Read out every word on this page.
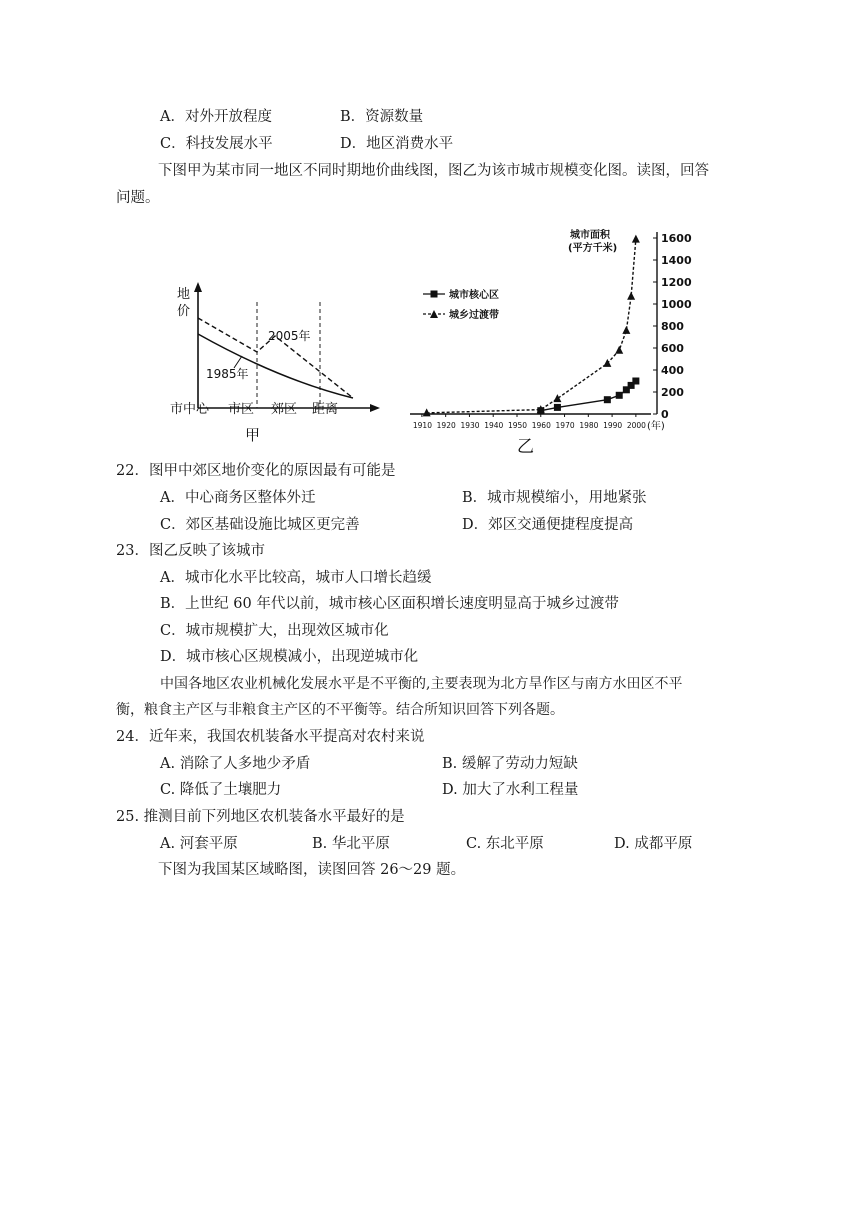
A．对外开放程度	B．资源数量
C．科技发展水平	D．地区消费水平
下图甲为某市同一地区不同时期地价曲线图，图乙为该市城市规模变化图。读图，回答
问题。
地
价
2005年
1985年
市中心 市区 郊区 距离
甲
城市面积
(平方千米)
城市核心区
城乡过渡带
(年)
乙
0
200
400
600
800
1000
1200
1400
1600
1910 1920 1930 1940 1950 1960 1970 1980 1990 2000
22．图甲中郊区地价变化的原因最有可能是
A．中心商务区整体外迁	B．城市规模缩小，用地紧张
C．郊区基础设施比城区更完善	D．郊区交通便捷程度提高
23．图乙反映了该城市
A．城市化水平比较高，城市人口增长趋缓
B．上世纪 60 年代以前，城市核心区面积增长速度明显高于城乡过渡带
C．城市规模扩大，出现效区城市化
D．城市核心区规模减小，出现逆城市化
中国各地区农业机械化发展水平是不平衡的,主要表现为北方旱作区与南方水田区不平
衡，粮食主产区与非粮食主产区的不平衡等。结合所知识回答下列各题。
24．近年来，我国农机装备水平提高对农村来说
A. 消除了人多地少矛盾	B. 缓解了劳动力短缺
C. 降低了土壤肥力	D. 加大了水利工程量
25. 推测目前下列地区农机装备水平最好的是
A. 河套平原	B. 华北平原	C. 东北平原	D. 成都平原
下图为我国某区域略图，读图回答 26～29 题。
